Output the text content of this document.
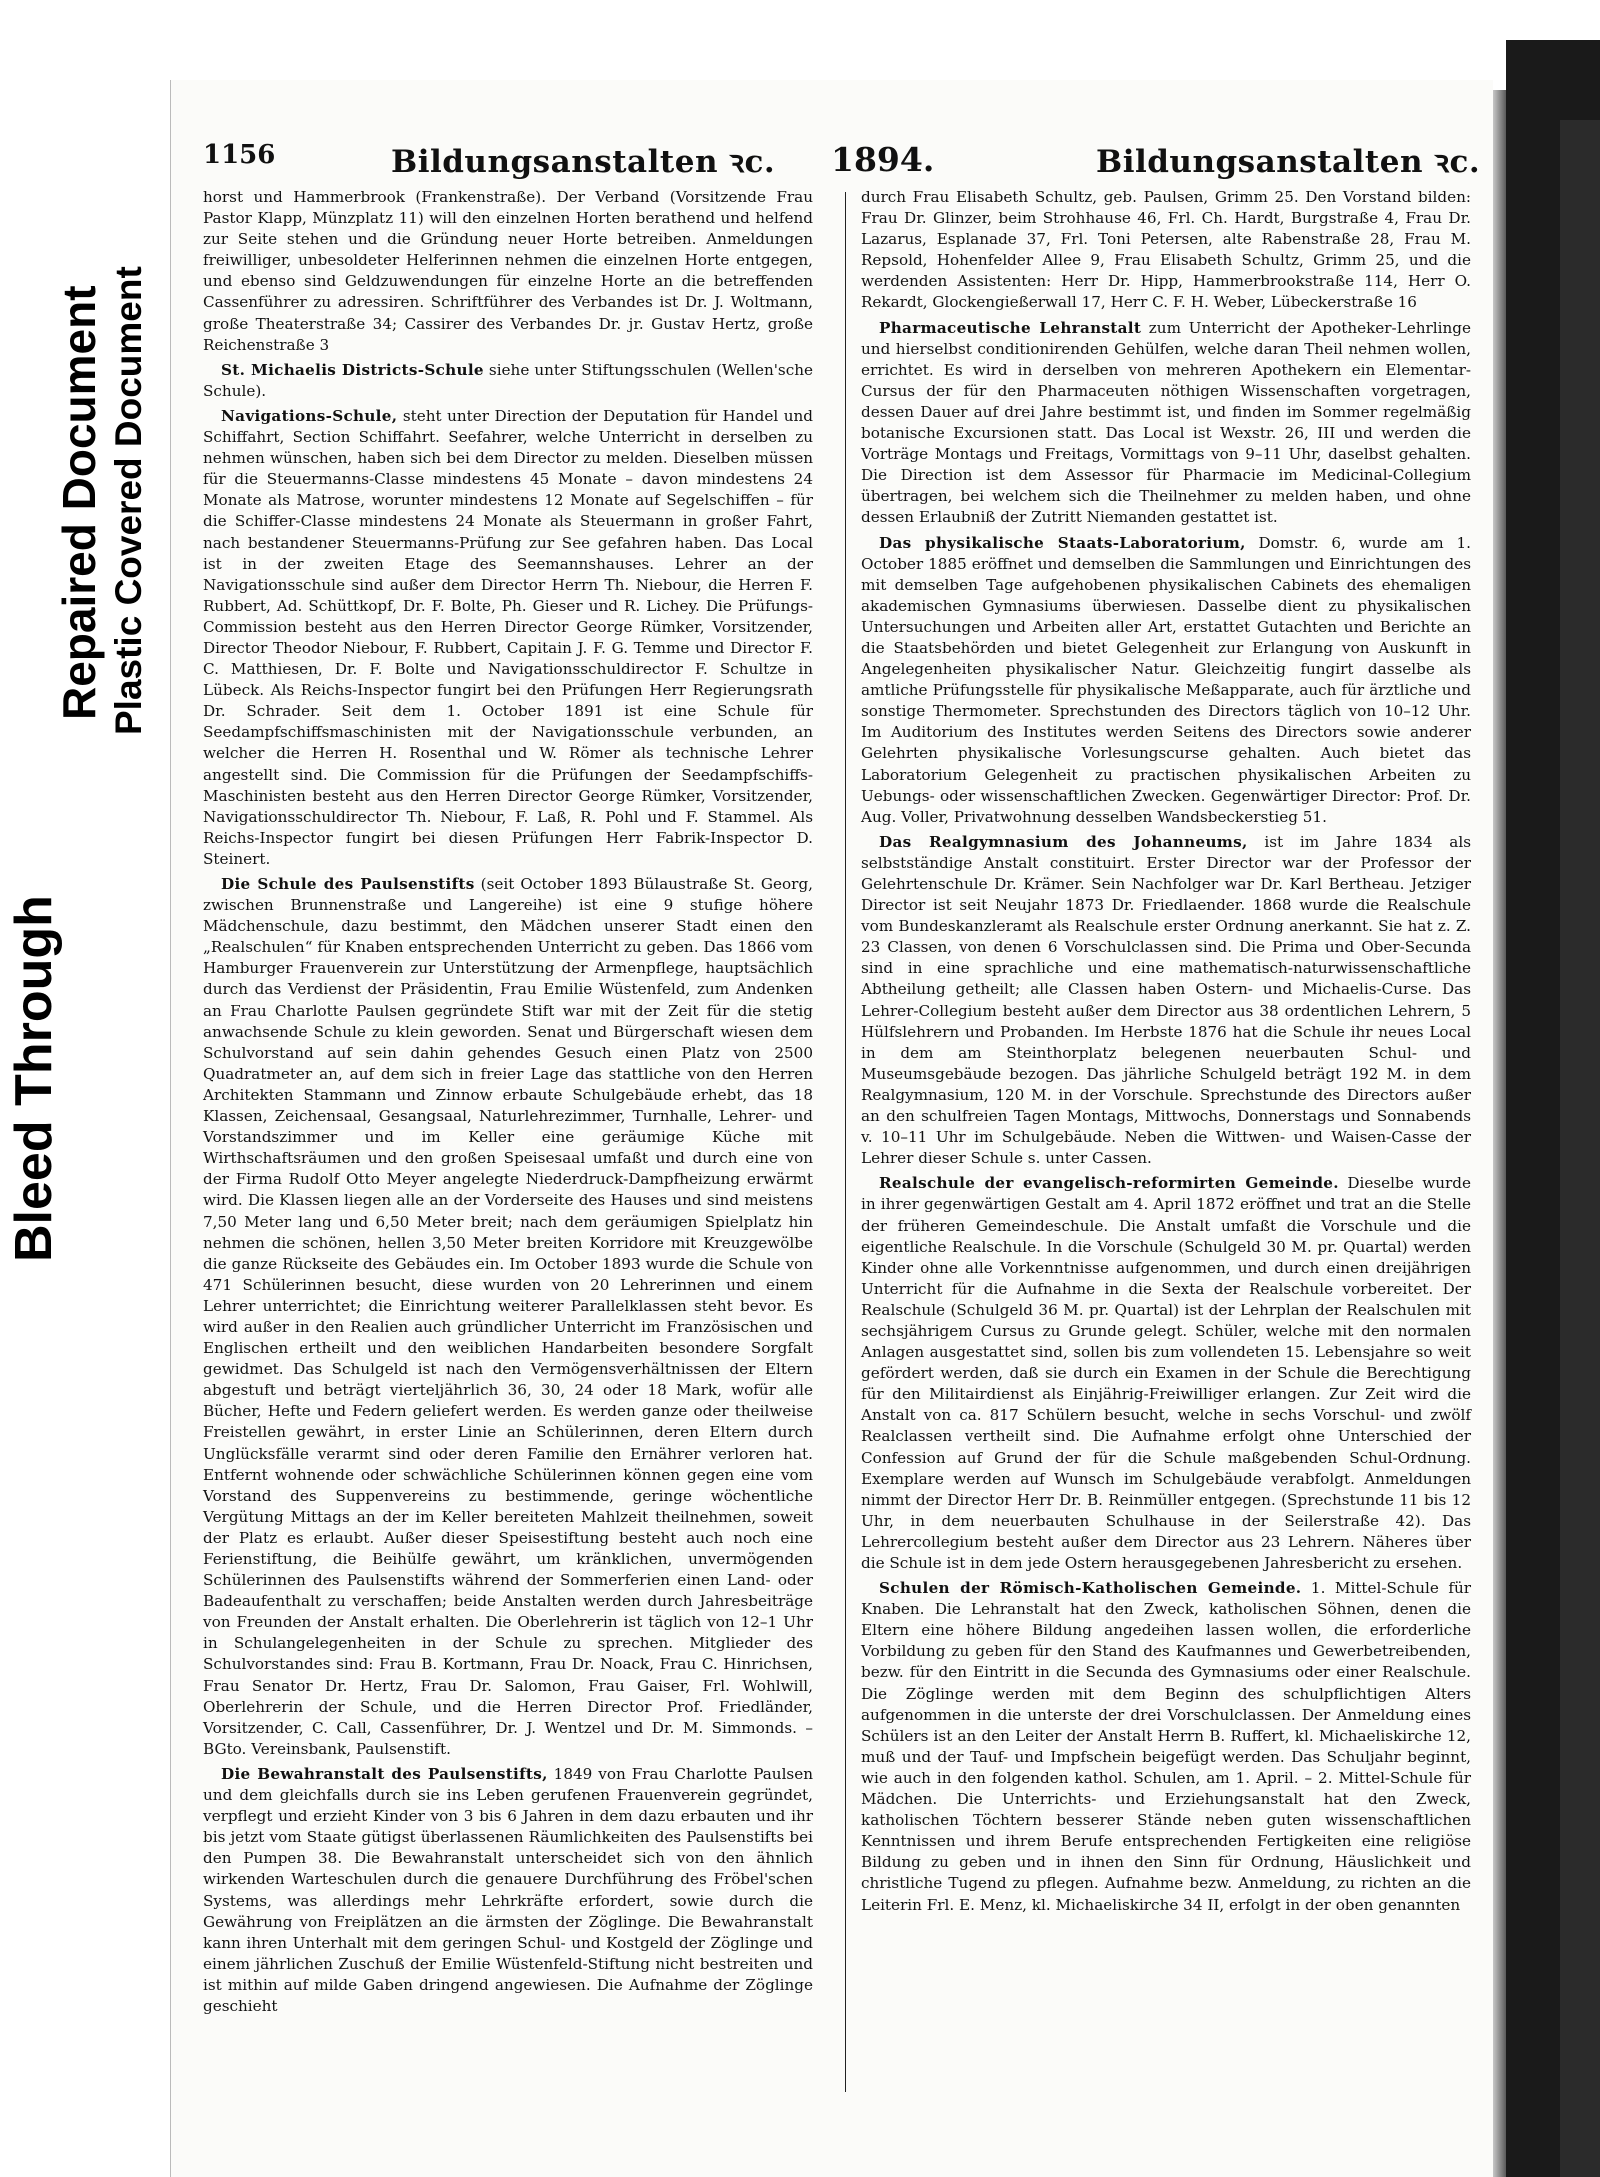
Bleed Through
Repaired Document Plastic Covered Document
1156	Bildungsanstalten ꝛc. 1894.	Bildungsanstalten ꝛc.

horst und Hammerbrook (Frankenstraße). Der Verband (Vorsitzende Frau Pastor Klapp, Münzplatz 11) will den einzelnen Horten berathend und helfend zur Seite stehen und die Gründung neuer Horte betreiben. Anmeldungen freiwilliger, unbesoldeter Helferinnen nehmen die einzelnen Horte entgegen, und ebenso sind Geldzuwendungen für einzelne Horte an die betreffenden Cassenführer zu adressiren. Schriftführer des Verbandes ist Dr. J. Woltmann, große Theaterstraße 34; Cassirer des Verbandes Dr. jr. Gustav Hertz, große Reichenstraße 3

St. Michaelis Districts-Schule siehe unter Stiftungsschulen (Wellen'sche Schule).

Navigations-Schule, steht unter Direction der Deputation für Handel und Schiffahrt, Section Schiffahrt. Seefahrer, welche Unterricht in derselben zu nehmen wünschen, haben sich bei dem Director zu melden. Dieselben müssen für die Steuermanns-Classe mindestens 45 Monate – davon mindestens 24 Monate als Matrose, worunter mindestens 12 Monate auf Segelschiffen – für die Schiffer-Classe mindestens 24 Monate als Steuermann in großer Fahrt, nach bestandener Steuermanns-Prüfung zur See gefahren haben. Das Local ist in der zweiten Etage des Seemannshauses. Lehrer an der Navigationsschule sind außer dem Director Herrn Th. Niebour, die Herren F. Rubbert, Ad. Schüttkopf, Dr. F. Bolte, Ph. Gieser und R. Lichey. Die Prüfungs-Commission besteht aus den Herren Director George Rümker, Vorsitzender, Director Theodor Niebour, F. Rubbert, Capitain J. F. G. Temme und Director F. C. Matthiesen, Dr. F. Bolte und Navigationsschuldirector F. Schultze in Lübeck. Als Reichs-Inspector fungirt bei den Prüfungen Herr Regierungsrath Dr. Schrader. Seit dem 1. October 1891 ist eine Schule für Seedampfschiffsmaschinisten mit der Navigationsschule verbunden, an welcher die Herren H. Rosenthal und W. Römer als technische Lehrer angestellt sind. Die Commission für die Prüfungen der Seedampfschiffs-Maschinisten besteht aus den Herren Director George Rümker, Vorsitzender, Navigationsschuldirector Th. Niebour, F. Laß, R. Pohl und F. Stammel. Als Reichs-Inspector fungirt bei diesen Prüfungen Herr Fabrik-Inspector D. Steinert.

Die Schule des Paulsenstifts (seit October 1893 Bülaustraße St. Georg, zwischen Brunnenstraße und Langereihe) ist eine 9 stufige höhere Mädchenschule, dazu bestimmt, den Mädchen unserer Stadt einen den „Realschulen“ für Knaben entsprechenden Unterricht zu geben. Das 1866 vom Hamburger Frauenverein zur Unterstützung der Armenpflege, hauptsächlich durch das Verdienst der Präsidentin, Frau Emilie Wüstenfeld, zum Andenken an Frau Charlotte Paulsen gegründete Stift war mit der Zeit für die stetig anwachsende Schule zu klein geworden. Senat und Bürgerschaft wiesen dem Schulvorstand auf sein dahin gehendes Gesuch einen Platz von 2500 Quadratmeter an, auf dem sich in freier Lage das stattliche von den Herren Architekten Stammann und Zinnow erbaute Schulgebäude erhebt, das 18 Klassen, Zeichensaal, Gesangsaal, Naturlehrezimmer, Turnhalle, Lehrer- und Vorstandszimmer und im Keller eine geräumige Küche mit Wirthschaftsräumen und den großen Speisesaal umfaßt und durch eine von der Firma Rudolf Otto Meyer angelegte Niederdruck-Dampfheizung erwärmt wird. Die Klassen liegen alle an der Vorderseite des Hauses und sind meistens 7,50 Meter lang und 6,50 Meter breit; nach dem geräumigen Spielplatz hin nehmen die schönen, hellen 3,50 Meter breiten Korridore mit Kreuzgewölbe die ganze Rückseite des Gebäudes ein. Im October 1893 wurde die Schule von 471 Schülerinnen besucht, diese wurden von 20 Lehrerinnen und einem Lehrer unterrichtet; die Einrichtung weiterer Parallelklassen steht bevor. Es wird außer in den Realien auch gründlicher Unterricht im Französischen und Englischen ertheilt und den weiblichen Handarbeiten besondere Sorgfalt gewidmet. Das Schulgeld ist nach den Vermögensverhältnissen der Eltern abgestuft und beträgt vierteljährlich 36, 30, 24 oder 18 Mark, wofür alle Bücher, Hefte und Federn geliefert werden. Es werden ganze oder theilweise Freistellen gewährt, in erster Linie an Schülerinnen, deren Eltern durch Unglücksfälle verarmt sind oder deren Familie den Ernährer verloren hat. Entfernt wohnende oder schwächliche Schülerinnen können gegen eine vom Vorstand des Suppenvereins zu bestimmende, geringe wöchentliche Vergütung Mittags an der im Keller bereiteten Mahlzeit theilnehmen, soweit der Platz es erlaubt. Außer dieser Speisestiftung besteht auch noch eine Ferienstiftung, die Beihülfe gewährt, um kränklichen, unvermögenden Schülerinnen des Paulsenstifts während der Sommerferien einen Land- oder Badeaufenthalt zu verschaffen; beide Anstalten werden durch Jahresbeiträge von Freunden der Anstalt erhalten. Die Oberlehrerin ist täglich von 12–1 Uhr in Schulangelegenheiten in der Schule zu sprechen. Mitglieder des Schulvorstandes sind: Frau B. Kortmann, Frau Dr. Noack, Frau C. Hinrichsen, Frau Senator Dr. Hertz, Frau Dr. Salomon, Frau Gaiser, Frl. Wohlwill, Oberlehrerin der Schule, und die Herren Director Prof. Friedländer, Vorsitzender, C. Call, Cassenführer, Dr. J. Wentzel und Dr. M. Simmonds. – BGto. Vereinsbank, Paulsenstift.

Die Bewahranstalt des Paulsenstifts, 1849 von Frau Charlotte Paulsen und dem gleichfalls durch sie ins Leben gerufenen Frauenverein gegründet, verpflegt und erzieht Kinder von 3 bis 6 Jahren in dem dazu erbauten und ihr bis jetzt vom Staate gütigst überlassenen Räumlichkeiten des Paulsenstifts bei den Pumpen 38. Die Bewahranstalt unterscheidet sich von den ähnlich wirkenden Warteschulen durch die genauere Durchführung des Fröbel'schen Systems, was allerdings mehr Lehrkräfte erfordert, sowie durch die Gewährung von Freiplätzen an die ärmsten der Zöglinge. Die Bewahranstalt kann ihren Unterhalt mit dem geringen Schul- und Kostgeld der Zöglinge und einem jährlichen Zuschuß der Emilie Wüstenfeld-Stiftung nicht bestreiten und ist mithin auf milde Gaben dringend angewiesen. Die Aufnahme der Zöglinge geschieht

durch Frau Elisabeth Schultz, geb. Paulsen, Grimm 25. Den Vorstand bilden: Frau Dr. Glinzer, beim Strohhause 46, Frl. Ch. Hardt, Burgstraße 4, Frau Dr. Lazarus, Esplanade 37, Frl. Toni Petersen, alte Rabenstraße 28, Frau M. Repsold, Hohenfelder Allee 9, Frau Elisabeth Schultz, Grimm 25, und die werdenden Assistenten: Herr Dr. Hipp, Hammerbrookstraße 114, Herr O. Rekardt, Glockengießerwall 17, Herr C. F. H. Weber, Lübeckerstraße 16

Pharmaceutische Lehranstalt zum Unterricht der Apotheker-Lehrlinge und hierselbst conditionirenden Gehülfen, welche daran Theil nehmen wollen, errichtet. Es wird in derselben von mehreren Apothekern ein Elementar-Cursus der für den Pharmaceuten nöthigen Wissenschaften vorgetragen, dessen Dauer auf drei Jahre bestimmt ist, und finden im Sommer regelmäßig botanische Excursionen statt. Das Local ist Wexstr. 26, III und werden die Vorträge Montags und Freitags, Vormittags von 9–11 Uhr, daselbst gehalten. Die Direction ist dem Assessor für Pharmacie im Medicinal-Collegium übertragen, bei welchem sich die Theilnehmer zu melden haben, und ohne dessen Erlaubniß der Zutritt Niemanden gestattet ist.

Das physikalische Staats-Laboratorium, Domstr. 6, wurde am 1. October 1885 eröffnet und demselben die Sammlungen und Einrichtungen des mit demselben Tage aufgehobenen physikalischen Cabinets des ehemaligen akademischen Gymnasiums überwiesen. Dasselbe dient zu physikalischen Untersuchungen und Arbeiten aller Art, erstattet Gutachten und Berichte an die Staatsbehörden und bietet Gelegenheit zur Erlangung von Auskunft in Angelegenheiten physikalischer Natur. Gleichzeitig fungirt dasselbe als amtliche Prüfungsstelle für physikalische Meßapparate, auch für ärztliche und sonstige Thermometer. Sprechstunden des Directors täglich von 10–12 Uhr. Im Auditorium des Institutes werden Seitens des Directors sowie anderer Gelehrten physikalische Vorlesungscurse gehalten. Auch bietet das Laboratorium Gelegenheit zu practischen physikalischen Arbeiten zu Uebungs- oder wissenschaftlichen Zwecken. Gegenwärtiger Director: Prof. Dr. Aug. Voller, Privatwohnung desselben Wandsbeckerstieg 51.

Das Realgymnasium des Johanneums, ist im Jahre 1834 als selbstständige Anstalt constituirt. Erster Director war der Professor der Gelehrtenschule Dr. Krämer. Sein Nachfolger war Dr. Karl Bertheau. Jetziger Director ist seit Neujahr 1873 Dr. Friedlaender. 1868 wurde die Realschule vom Bundeskanzleramt als Realschule erster Ordnung anerkannt. Sie hat z. Z. 23 Classen, von denen 6 Vorschulclassen sind. Die Prima und Ober-Secunda sind in eine sprachliche und eine mathematisch-naturwissenschaftliche Abtheilung getheilt; alle Classen haben Ostern- und Michaelis-Curse. Das Lehrer-Collegium besteht außer dem Director aus 38 ordentlichen Lehrern, 5 Hülfslehrern und Probanden. Im Herbste 1876 hat die Schule ihr neues Local in dem am Steinthorplatz belegenen neuerbauten Schul- und Museumsgebäude bezogen. Das jährliche Schulgeld beträgt 192 M. in dem Realgymnasium, 120 M. in der Vorschule. Sprechstunde des Directors außer an den schulfreien Tagen Montags, Mittwochs, Donnerstags und Sonnabends v. 10–11 Uhr im Schulgebäude. Neben die Wittwen- und Waisen-Casse der Lehrer dieser Schule s. unter Cassen.

Realschule der evangelisch-reformirten Gemeinde. Dieselbe wurde in ihrer gegenwärtigen Gestalt am 4. April 1872 eröffnet und trat an die Stelle der früheren Gemeindeschule. Die Anstalt umfaßt die Vorschule und die eigentliche Realschule. In die Vorschule (Schulgeld 30 M. pr. Quartal) werden Kinder ohne alle Vorkenntnisse aufgenommen, und durch einen dreijährigen Unterricht für die Aufnahme in die Sexta der Realschule vorbereitet. Der Realschule (Schulgeld 36 M. pr. Quartal) ist der Lehrplan der Realschulen mit sechsjährigem Cursus zu Grunde gelegt. Schüler, welche mit den normalen Anlagen ausgestattet sind, sollen bis zum vollendeten 15. Lebensjahre so weit gefördert werden, daß sie durch ein Examen in der Schule die Berechtigung für den Militairdienst als Einjährig-Freiwilliger erlangen. Zur Zeit wird die Anstalt von ca. 817 Schülern besucht, welche in sechs Vorschul- und zwölf Realclassen vertheilt sind. Die Aufnahme erfolgt ohne Unterschied der Confession auf Grund der für die Schule maßgebenden Schul-Ordnung. Exemplare werden auf Wunsch im Schulgebäude verabfolgt. Anmeldungen nimmt der Director Herr Dr. B. Reinmüller entgegen. (Sprechstunde 11 bis 12 Uhr, in dem neuerbauten Schulhause in der Seilerstraße 42). Das Lehrercollegium besteht außer dem Director aus 23 Lehrern. Näheres über die Schule ist in dem jede Ostern herausgegebenen Jahresbericht zu ersehen.

Schulen der Römisch-Katholischen Gemeinde. 1. Mittel-Schule für Knaben. Die Lehranstalt hat den Zweck, katholischen Söhnen, denen die Eltern eine höhere Bildung angedeihen lassen wollen, die erforderliche Vorbildung zu geben für den Stand des Kaufmannes und Gewerbetreibenden, bezw. für den Eintritt in die Secunda des Gymnasiums oder einer Realschule. Die Zöglinge werden mit dem Beginn des schulpflichtigen Alters aufgenommen in die unterste der drei Vorschulclassen. Der Anmeldung eines Schülers ist an den Leiter der Anstalt Herrn B. Ruffert, kl. Michaeliskirche 12, muß und der Tauf- und Impfschein beigefügt werden. Das Schuljahr beginnt, wie auch in den folgenden kathol. Schulen, am 1. April. – 2. Mittel-Schule für Mädchen. Die Unterrichts- und Erziehungsanstalt hat den Zweck, katholischen Töchtern besserer Stände neben guten wissenschaftlichen Kenntnissen und ihrem Berufe entsprechenden Fertigkeiten eine religiöse Bildung zu geben und in ihnen den Sinn für Ordnung, Häuslichkeit und christliche Tugend zu pflegen. Aufnahme bezw. Anmeldung, zu richten an die Leiterin Frl. E. Menz, kl. Michaeliskirche 34 II, erfolgt in der oben genannten
